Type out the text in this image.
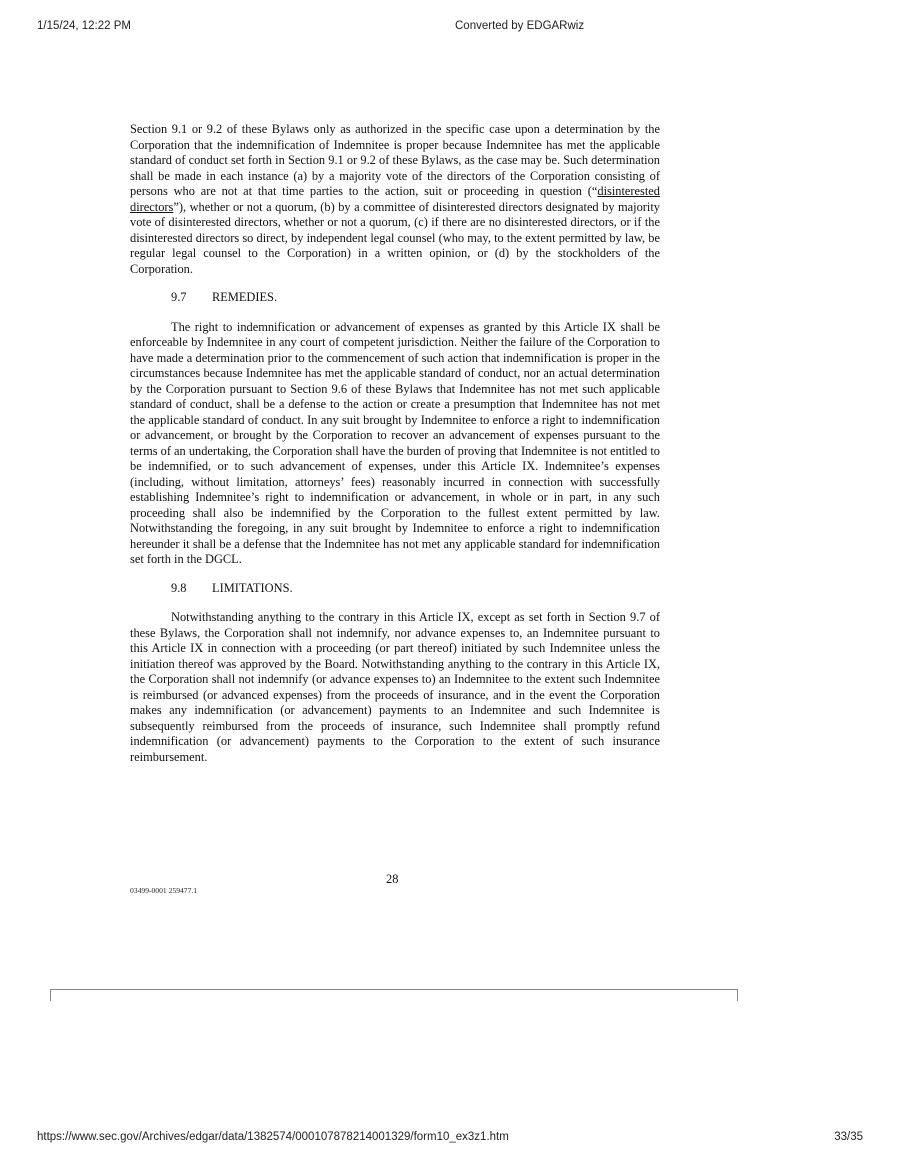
1/15/24, 12:22 PM	Converted by EDGARwiz

Section 9.1 or 9.2 of these Bylaws only as authorized in the specific case upon a determination by the Corporation that the indemnification of Indemnitee is proper because Indemnitee has met the applicable standard of conduct set forth in Section 9.1 or 9.2 of these Bylaws, as the case may be. Such determination shall be made in each instance (a) by a majority vote of the directors of the Corporation consisting of persons who are not at that time parties to the action, suit or proceeding in question (“disinterested directors”), whether or not a quorum, (b) by a committee of disinterested directors designated by majority vote of disinterested directors, whether or not a quorum, (c) if there are no disinterested directors, or if the disinterested directors so direct, by independent legal counsel (who may, to the extent permitted by law, be regular legal counsel to the Corporation) in a written opinion, or (d) by the stockholders of the Corporation.

9.7	REMEDIES.

The right to indemnification or advancement of expenses as granted by this Article IX shall be enforceable by Indemnitee in any court of competent jurisdiction. Neither the failure of the Corporation to have made a determination prior to the commencement of such action that indemnification is proper in the circumstances because Indemnitee has met the applicable standard of conduct, nor an actual determination by the Corporation pursuant to Section 9.6 of these Bylaws that Indemnitee has not met such applicable standard of conduct, shall be a defense to the action or create a presumption that Indemnitee has not met the applicable standard of conduct. In any suit brought by Indemnitee to enforce a right to indemnification or advancement, or brought by the Corporation to recover an advancement of expenses pursuant to the terms of an undertaking, the Corporation shall have the burden of proving that Indemnitee is not entitled to be indemnified, or to such advancement of expenses, under this Article IX. Indemnitee’s expenses (including, without limitation, attorneys’ fees) reasonably incurred in connection with successfully establishing Indemnitee’s right to indemnification or advancement, in whole or in part, in any such proceeding shall also be indemnified by the Corporation to the fullest extent permitted by law. Notwithstanding the foregoing, in any suit brought by Indemnitee to enforce a right to indemnification hereunder it shall be a defense that the Indemnitee has not met any applicable standard for indemnification set forth in the DGCL.

9.8	LIMITATIONS.

Notwithstanding anything to the contrary in this Article IX, except as set forth in Section 9.7 of these Bylaws, the Corporation shall not indemnify, nor advance expenses to, an Indemnitee pursuant to this Article IX in connection with a proceeding (or part thereof) initiated by such Indemnitee unless the initiation thereof was approved by the Board. Notwithstanding anything to the contrary in this Article IX, the Corporation shall not indemnify (or advance expenses to) an Indemnitee to the extent such Indemnitee is reimbursed (or advanced expenses) from the proceeds of insurance, and in the event the Corporation makes any indemnification (or advancement) payments to an Indemnitee and such Indemnitee is subsequently reimbursed from the proceeds of insurance, such Indemnitee shall promptly refund indemnification (or advancement) payments to the Corporation to the extent of such insurance reimbursement.

28
03499-0001 259477.1
https://www.sec.gov/Archives/edgar/data/1382574/000107878214001329/form10_ex3z1.htm	33/35
